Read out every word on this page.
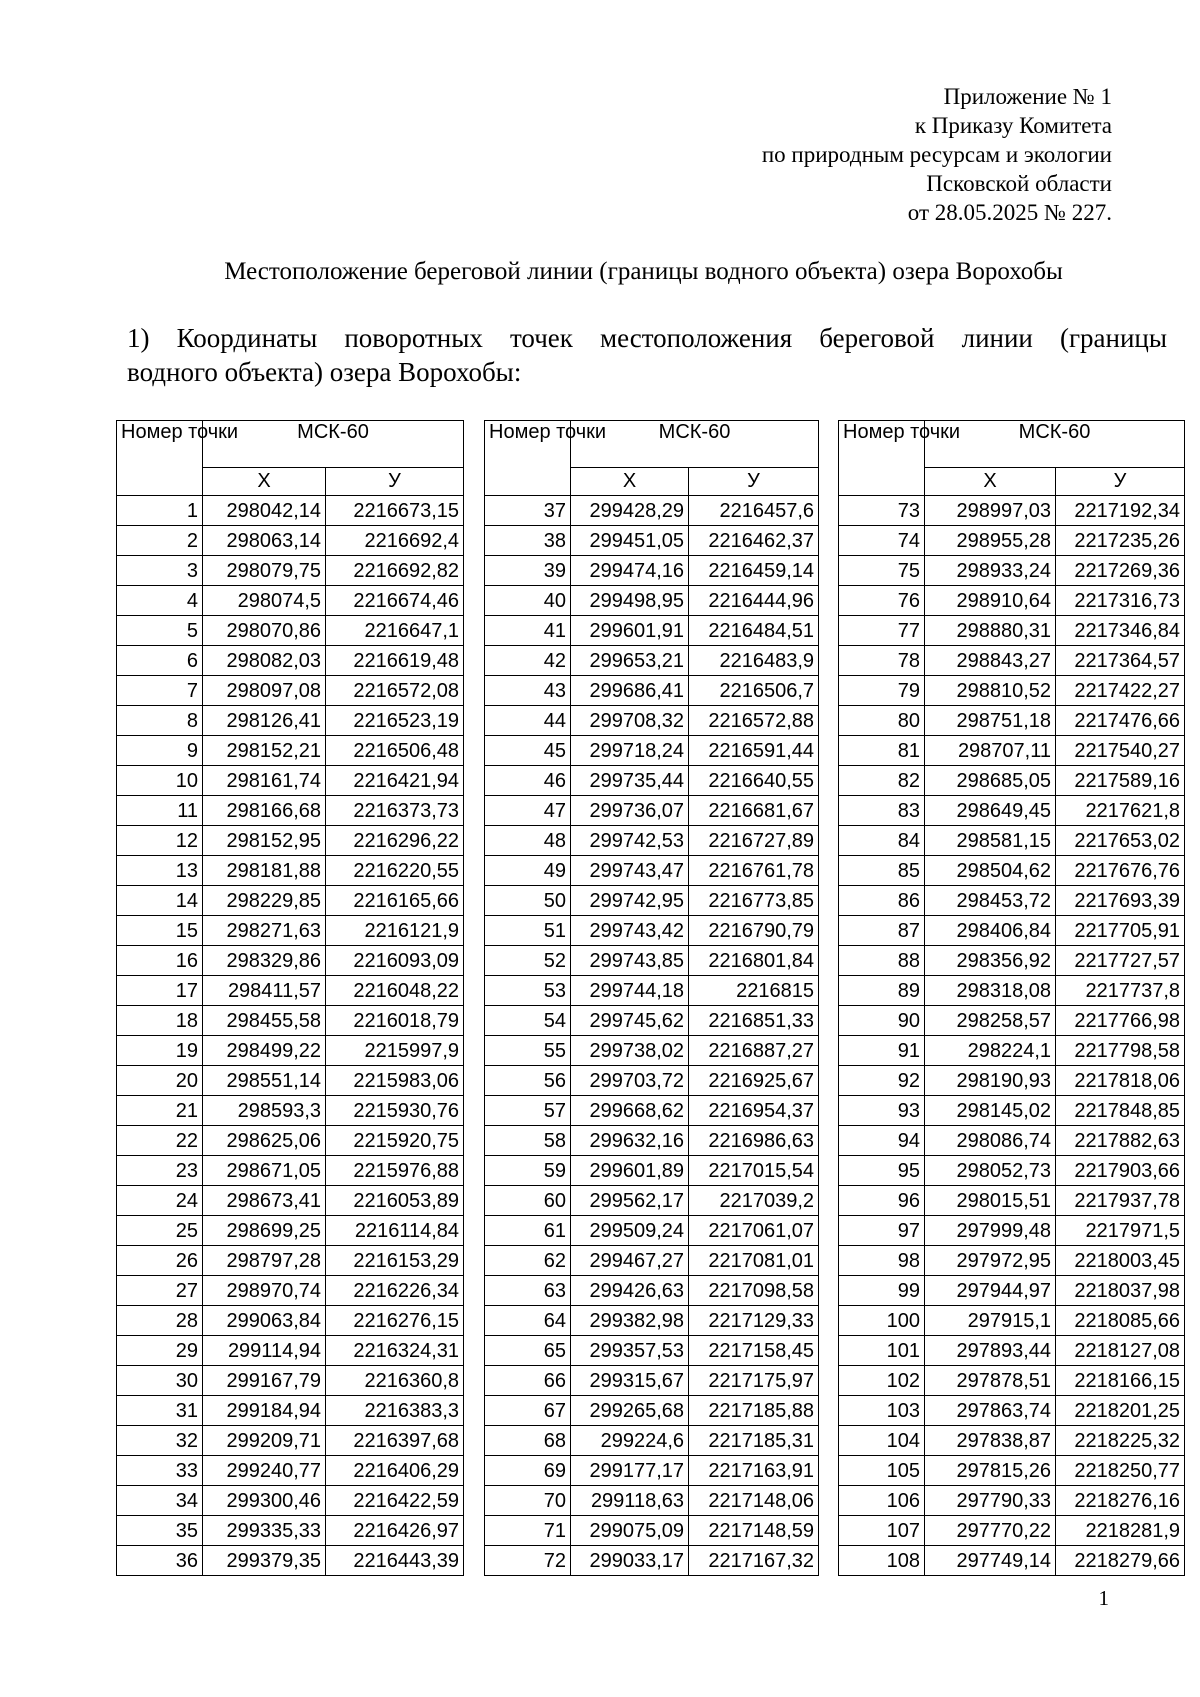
Приложение № 1
к Приказу Комитета
по природным ресурсам и экологии
Псковской области
от 28.05.2025 № 227.
Местоположение береговой линии (границы водного объекта) озера Ворохобы
1) Координаты поворотных точек местоположения береговой линии (границы
водного объекта) озера Ворохобы:
Номер точки	МСК-60	
	Х	У
1	298042,14	2216673,15
2	298063,14	2216692,4
3	298079,75	2216692,82
4	298074,5	2216674,46
5	298070,86	2216647,1
6	298082,03	2216619,48
7	298097,08	2216572,08
8	298126,41	2216523,19
9	298152,21	2216506,48
10	298161,74	2216421,94
11	298166,68	2216373,73
12	298152,95	2216296,22
13	298181,88	2216220,55
14	298229,85	2216165,66
15	298271,63	2216121,9
16	298329,86	2216093,09
17	298411,57	2216048,22
18	298455,58	2216018,79
19	298499,22	2215997,9
20	298551,14	2215983,06
21	298593,3	2215930,76
22	298625,06	2215920,75
23	298671,05	2215976,88
24	298673,41	2216053,89
25	298699,25	2216114,84
26	298797,28	2216153,29
27	298970,74	2216226,34
28	299063,84	2216276,15
29	299114,94	2216324,31
30	299167,79	2216360,8
31	299184,94	2216383,3
32	299209,71	2216397,68
33	299240,77	2216406,29
34	299300,46	2216422,59
35	299335,33	2216426,97
36	299379,35	2216443,39
Номер точки	МСК-60	
	Х	У
37	299428,29	2216457,6
38	299451,05	2216462,37
39	299474,16	2216459,14
40	299498,95	2216444,96
41	299601,91	2216484,51
42	299653,21	2216483,9
43	299686,41	2216506,7
44	299708,32	2216572,88
45	299718,24	2216591,44
46	299735,44	2216640,55
47	299736,07	2216681,67
48	299742,53	2216727,89
49	299743,47	2216761,78
50	299742,95	2216773,85
51	299743,42	2216790,79
52	299743,85	2216801,84
53	299744,18	2216815
54	299745,62	2216851,33
55	299738,02	2216887,27
56	299703,72	2216925,67
57	299668,62	2216954,37
58	299632,16	2216986,63
59	299601,89	2217015,54
60	299562,17	2217039,2
61	299509,24	2217061,07
62	299467,27	2217081,01
63	299426,63	2217098,58
64	299382,98	2217129,33
65	299357,53	2217158,45
66	299315,67	2217175,97
67	299265,68	2217185,88
68	299224,6	2217185,31
69	299177,17	2217163,91
70	299118,63	2217148,06
71	299075,09	2217148,59
72	299033,17	2217167,32
Номер точки	МСК-60	
	Х	У
73	298997,03	2217192,34
74	298955,28	2217235,26
75	298933,24	2217269,36
76	298910,64	2217316,73
77	298880,31	2217346,84
78	298843,27	2217364,57
79	298810,52	2217422,27
80	298751,18	2217476,66
81	298707,11	2217540,27
82	298685,05	2217589,16
83	298649,45	2217621,8
84	298581,15	2217653,02
85	298504,62	2217676,76
86	298453,72	2217693,39
87	298406,84	2217705,91
88	298356,92	2217727,57
89	298318,08	2217737,8
90	298258,57	2217766,98
91	298224,1	2217798,58
92	298190,93	2217818,06
93	298145,02	2217848,85
94	298086,74	2217882,63
95	298052,73	2217903,66
96	298015,51	2217937,78
97	297999,48	2217971,5
98	297972,95	2218003,45
99	297944,97	2218037,98
100	297915,1	2218085,66
101	297893,44	2218127,08
102	297878,51	2218166,15
103	297863,74	2218201,25
104	297838,87	2218225,32
105	297815,26	2218250,77
106	297790,33	2218276,16
107	297770,22	2218281,9
108	297749,14	2218279,66
1
